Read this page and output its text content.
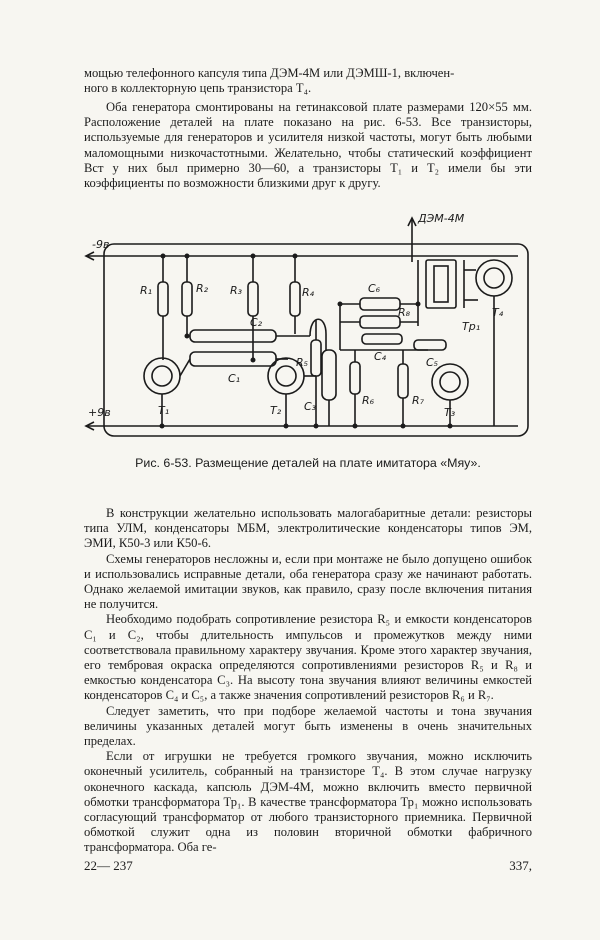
мощью телефонного капсуля типа ДЭМ-4М или ДЭМШ-1, включен-

ного в коллекторную цепь транзистора Т₄.

Оба генератора смонтированы на гетинаксовой плате размерами 120×55 мм. Расположение деталей на плате показано на рис. 6-53. Все транзисторы, используемые для генераторов и усилителя низкой частоты, могут быть любыми маломощными низкочастотными. Желательно, чтобы статический коэффициент Bст у них был примерно 30—60, а транзисторы Т₁ и Т₂ имели бы эти коэффициенты по возможности близкими друг к другу.

ДЭМ-4М
-9в
+9в
R₁	R₂ R₃	R₄
R₅
R₆	R₇
R₈
C₂
C₁
C₃
C₄	C₅
C₆
T₁	T₂	T₃
T₄
Тр₁
Рис. 6-53. Размещение деталей на плате имитатора «Мяу».

В конструкции желательно использовать малогабаритные детали: резисторы типа УЛМ, конденсаторы МБМ, электролитические конденсаторы типов ЭМ, ЭМИ, К50-3 или К50-6.

Схемы генераторов несложны и, если при монтаже не было допущено ошибок и использовались исправные детали, оба генератора сразу же начинают работать. Однако желаемой имитации звуков, как правило, сразу после включения питания не получится.

Необходимо подобрать сопротивление резистора R₅ и емкости конденсаторов C₁ и C₂, чтобы длительность импульсов и промежутков между ними соответствовала правильному характеру звучания. Кроме этого характер звучания, его тембровая окраска определяются сопротивлениями резисторов R₅ и R₈ и емкостью конденсатора C₃. На высоту тона звучания влияют величины емкостей конденсаторов C₄ и C₅, а также значения сопротивлений резисторов R₆ и R₇.

Следует заметить, что при подборе желаемой частоты и тона звучания величины указанных деталей могут быть изменены в очень значительных пределах.

Если от игрушки не требуется громкого звучания, можно исключить оконечный усилитель, собранный на транзисторе Т₄. В этом случае нагрузку оконечного каскада, капсюль ДЭМ-4М, можно включить вместо первичной обмотки трансформатора Тр₁. В качестве трансформатора Тр₁ можно использовать согласующий трансформатор от любого транзисторного приемника. Первичной обмоткой служит одна из половин вторичной обмотки фабричного трансформатора. Оба ге-

22— 237	337,
